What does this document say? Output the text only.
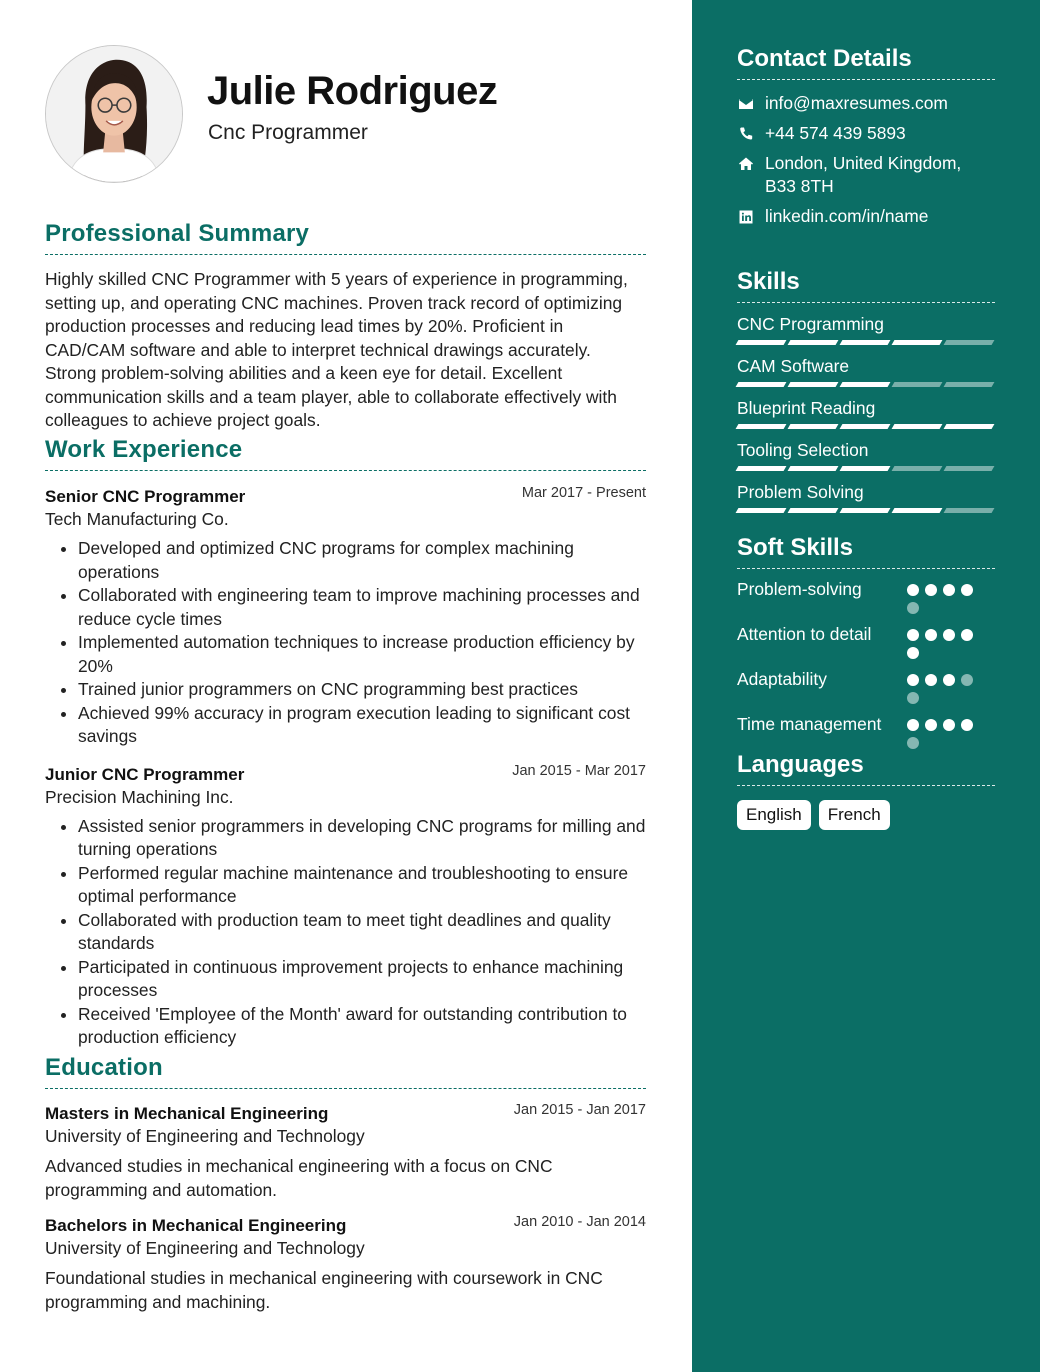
Julie Rodriguez
Cnc Programmer
Professional Summary
Highly skilled CNC Programmer with 5 years of experience in programming, setting up, and operating CNC machines. Proven track record of optimizing production processes and reducing lead times by 20%. Proficient in CAD/CAM software and able to interpret technical drawings accurately. Strong problem-solving abilities and a keen eye for detail. Excellent communication skills and a team player, able to collaborate effectively with colleagues to achieve project goals.
Work Experience
Senior CNC Programmer	Mar 2017 - Present
Tech Manufacturing Co.
Developed and optimized CNC programs for complex machining operations
Collaborated with engineering team to improve machining processes and reduce cycle times
Implemented automation techniques to increase production efficiency by 20%
Trained junior programmers on CNC programming best practices
Achieved 99% accuracy in program execution leading to significant cost savings
Junior CNC Programmer	Jan 2015 - Mar 2017
Precision Machining Inc.
Assisted senior programmers in developing CNC programs for milling and turning operations
Performed regular machine maintenance and troubleshooting to ensure optimal performance
Collaborated with production team to meet tight deadlines and quality standards
Participated in continuous improvement projects to enhance machining processes
Received 'Employee of the Month' award for outstanding contribution to production efficiency
Education
Masters in Mechanical Engineering	Jan 2015 - Jan 2017
University of Engineering and Technology
Advanced studies in mechanical engineering with a focus on CNC programming and automation.
Bachelors in Mechanical Engineering	Jan 2010 - Jan 2014
University of Engineering and Technology
Foundational studies in mechanical engineering with coursework in CNC programming and machining.
Contact Details
info@maxresumes.com
+44 574 439 5893
London, United Kingdom, B33 8TH
linkedin.com/in/name
Skills
CNC Programming
CAM Software
Blueprint Reading
Tooling Selection
Problem Solving
Soft Skills
Problem-solving
Attention to detail
Adaptability
Time management
Languages
English	French
